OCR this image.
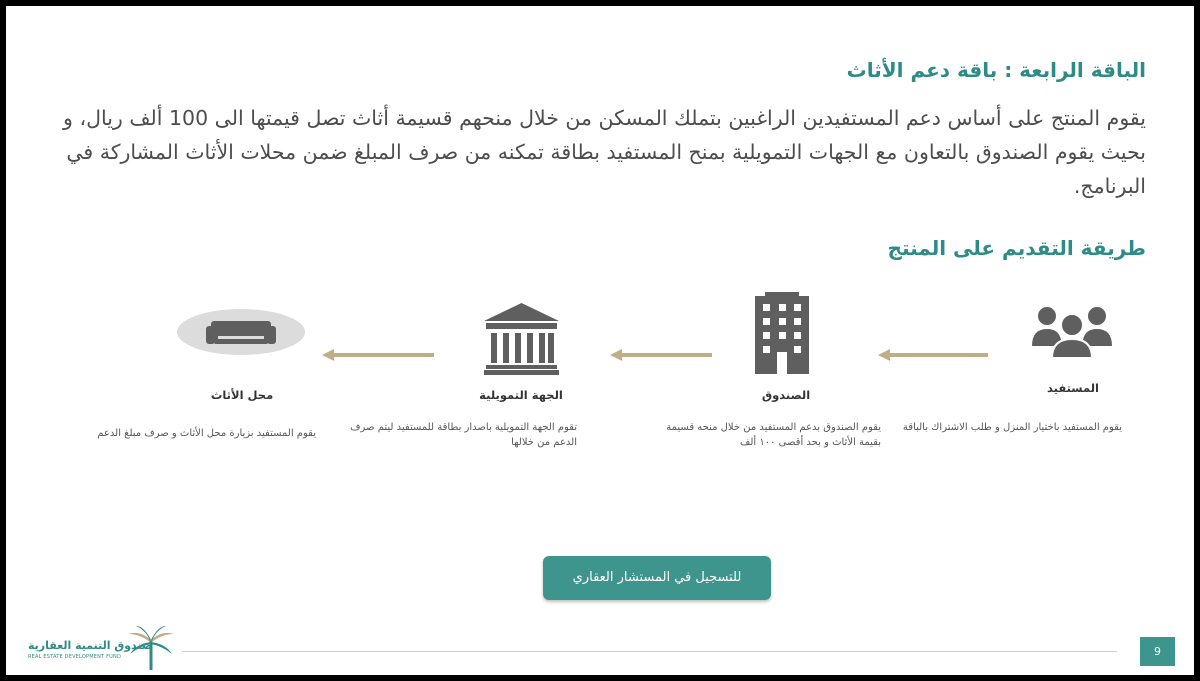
الباقة الرابعة : باقة دعم الأثاث
يقوم المنتج على أساس دعم المستفيدين الراغبين بتملك المسكن من خلال منحهم قسيمة أثاث تصل قيمتها الى 100 ألف ريال، و بحيث يقوم الصندوق بالتعاون مع الجهات التمويلية بمنح المستفيد بطاقة تمكنه من صرف المبلغ ضمن محلات الأثاث المشاركة في البرنامج.
طريقة التقديم على المنتج
المستفيد
يقوم المستفيد باختيار المنزل و طلب الاشتراك بالباقة
الصندوق
يقوم الصندوق بدعم المستفيد من خلال منحه قسيمة بقيمة الأثاث و بحد أقصى ١٠٠ ألف
الجهة التمويلية
تقوم الجهة التمويلية باصدار بطاقة للمستفيد ليتم صرف الدعم من خلالها
محل الأثاث
يقوم المستفيد بزيارة محل الأثاث و صرف مبلغ الدعم
للتسجيل في المستشار العقاري
صندوق التنمية العقارية
REAL ESTATE DEVELOPMENT FUND	9
